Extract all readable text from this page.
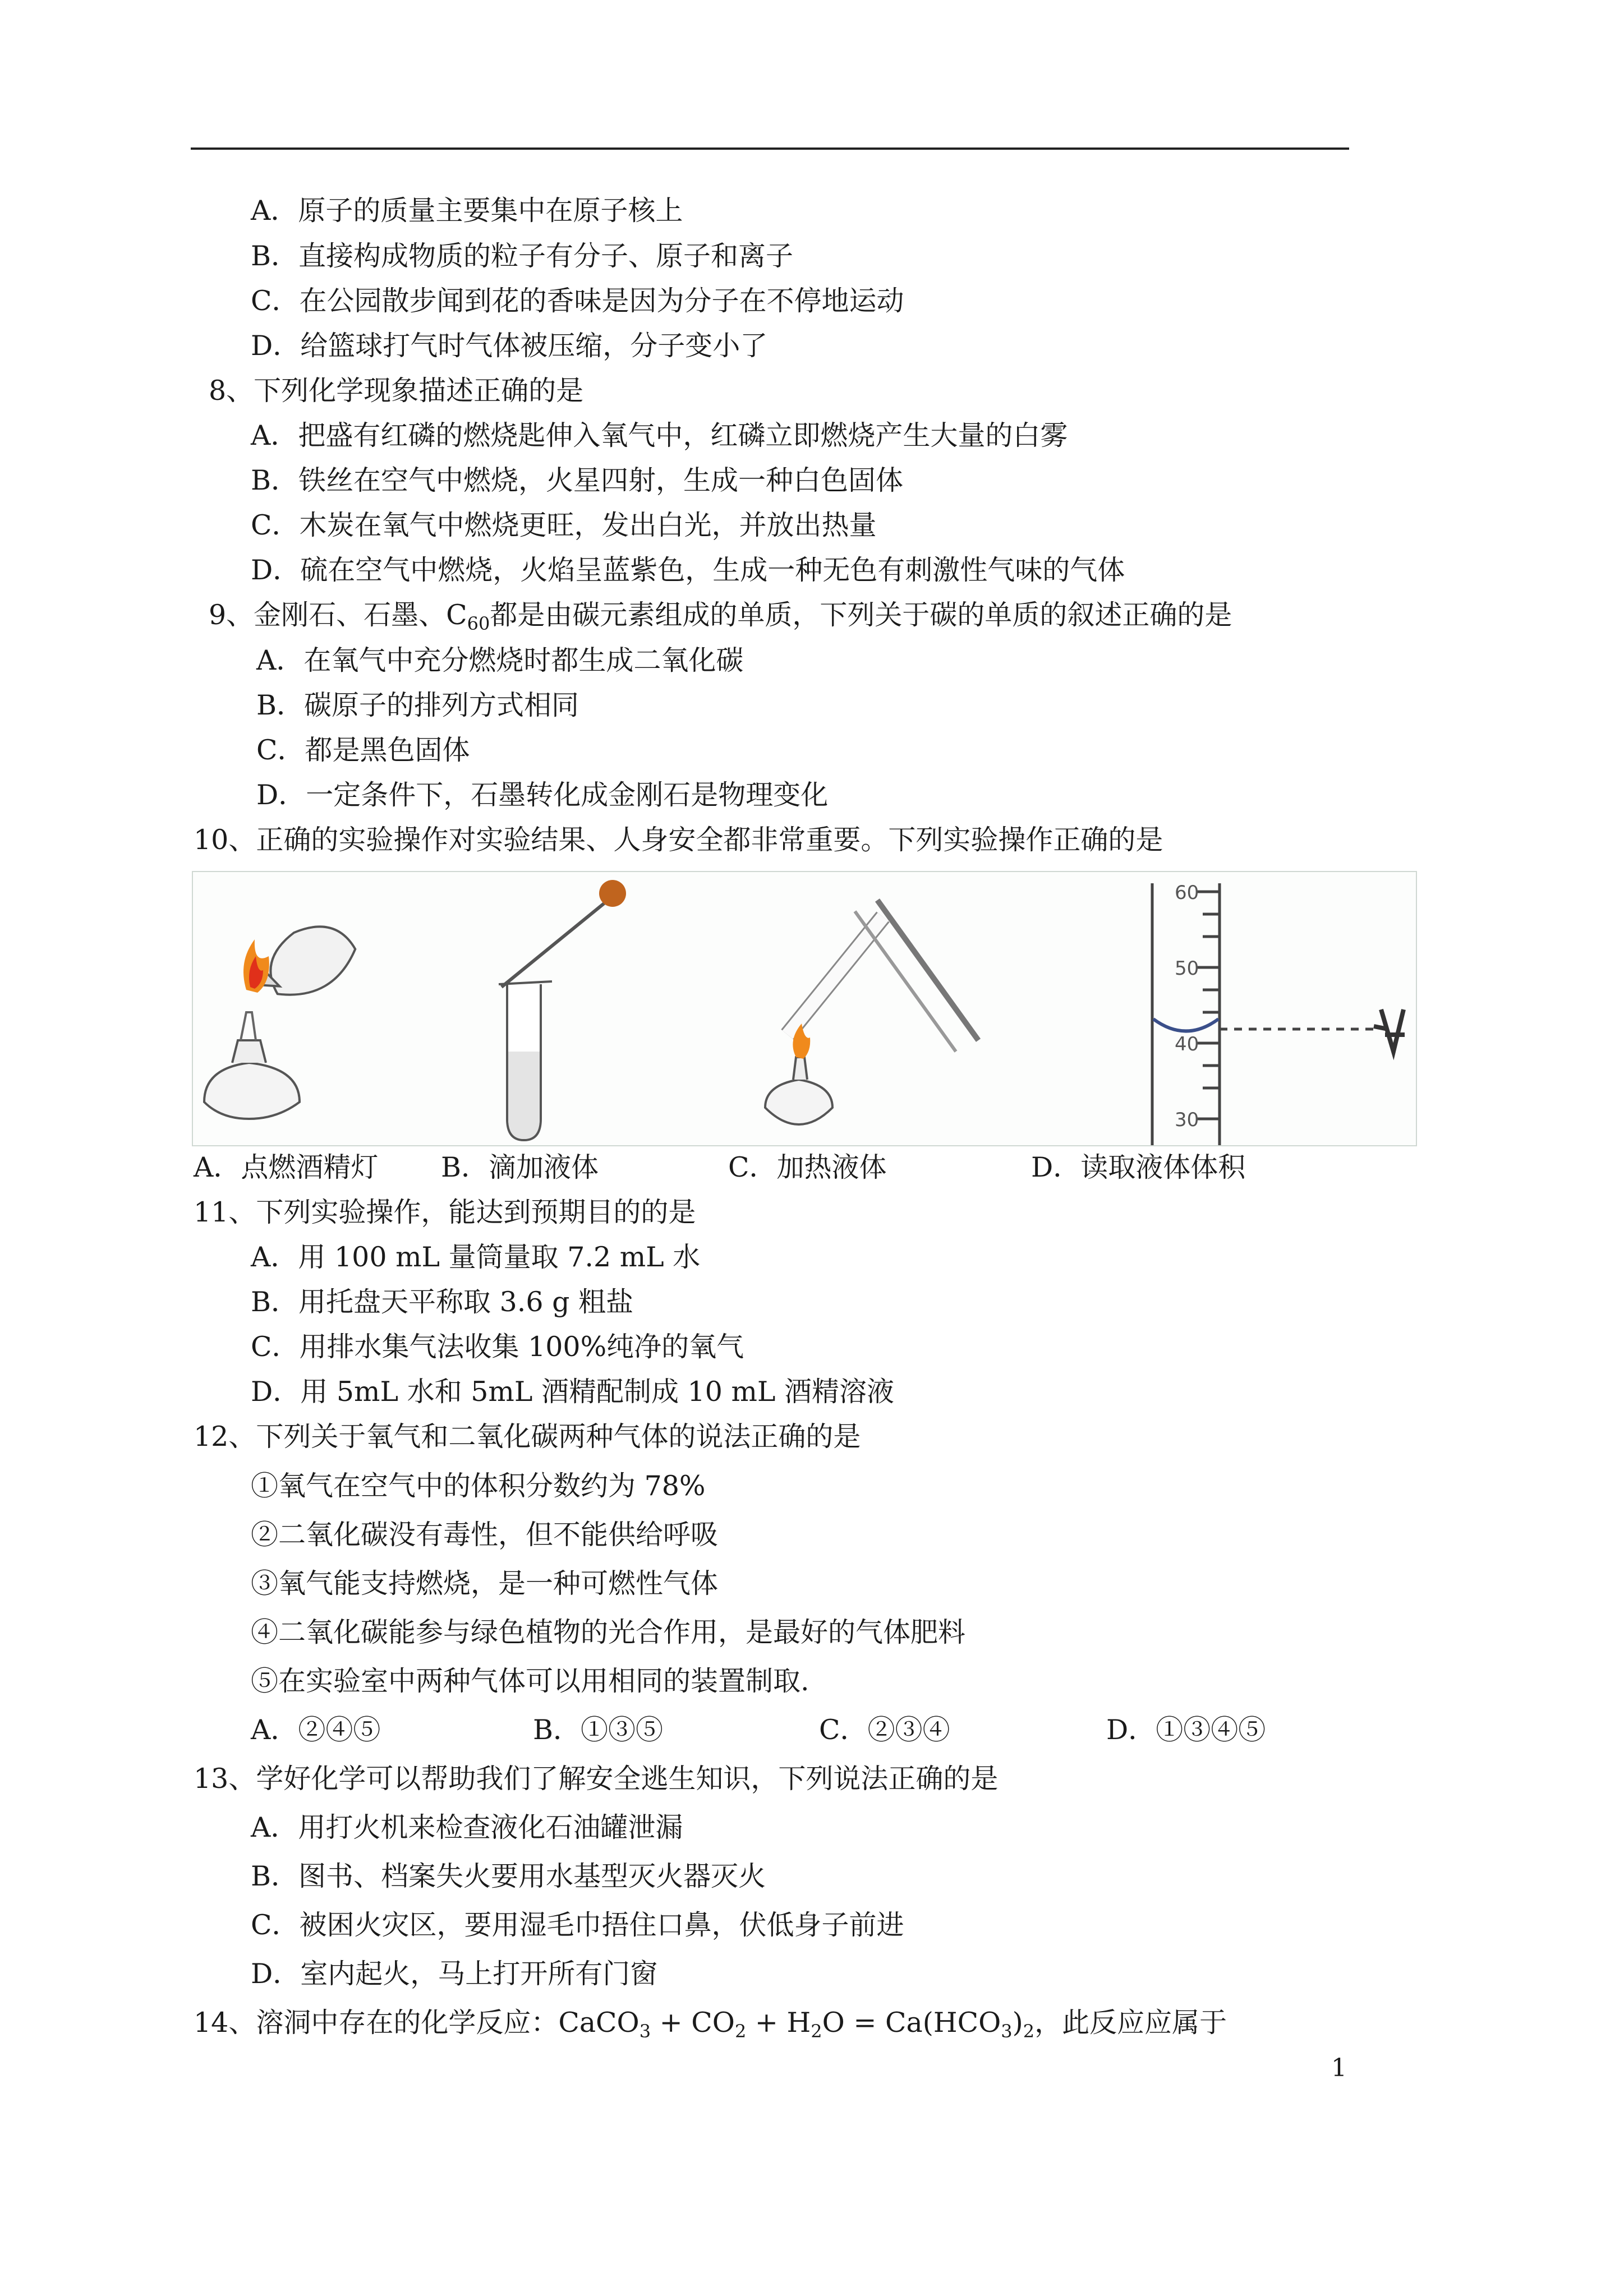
A．原子的质量主要集中在原子核上
B．直接构成物质的粒子有分子、原子和离子
C．在公园散步闻到花的香味是因为分子在不停地运动
D．给篮球打气时气体被压缩，分子变小了
8、下列化学现象描述正确的是
A．把盛有红磷的燃烧匙伸入氧气中，红磷立即燃烧产生大量的白雾
B．铁丝在空气中燃烧，火星四射，生成一种白色固体
C．木炭在氧气中燃烧更旺，发出白光，并放出热量
D．硫在空气中燃烧，火焰呈蓝紫色，生成一种无色有刺激性气味的气体
9、金刚石、石墨、$C_{60}$都是由碳元素组成的单质，下列关于碳的单质的叙述正确的是
A．在氧气中充分燃烧时都生成二氧化碳
B．碳原子的排列方式相同
C．都是黑色固体
D．一定条件下，石墨转化成金刚石是物理变化
10、正确的实验操作对实验结果、人身安全都非常重要。下列实验操作正确的是
60
50
40
30
A．点燃酒精灯 B．滴加液体	C．加热液体	D．读取液体体积
11、下列实验操作，能达到预期目的的是
A．用 100 mL 量筒量取 7.2 mL 水
B．用托盘天平称取 3.6 g 粗盐
C．用排水集气法收集 100%纯净的氧气
D．用 5mL 水和 5mL 酒精配制成 10 mL 酒精溶液
12、下列关于氧气和二氧化碳两种气体的说法正确的是
①氧气在空气中的体积分数约为 78%
②二氧化碳没有毒性，但不能供给呼吸
③氧气能支持燃烧，是一种可燃性气体
④二氧化碳能参与绿色植物的光合作用，是最好的气体肥料
⑤在实验室中两种气体可以用相同的装置制取.
A．②④⑤	B．①③⑤	C．②③④	D．①③④⑤
13、学好化学可以帮助我们了解安全逃生知识，下列说法正确的是
A．用打火机来检查液化石油罐泄漏
B．图书、档案失火要用水基型灭火器灭火
C．被困火灾区，要用湿毛巾捂住口鼻，伏低身子前进
D．室内起火，马上打开所有门窗
14、溶洞中存在的化学反应：CaCO$_3$ + $CO_2 + H_2O = Ca(HCO_3)_2$，此反应应属于
1
